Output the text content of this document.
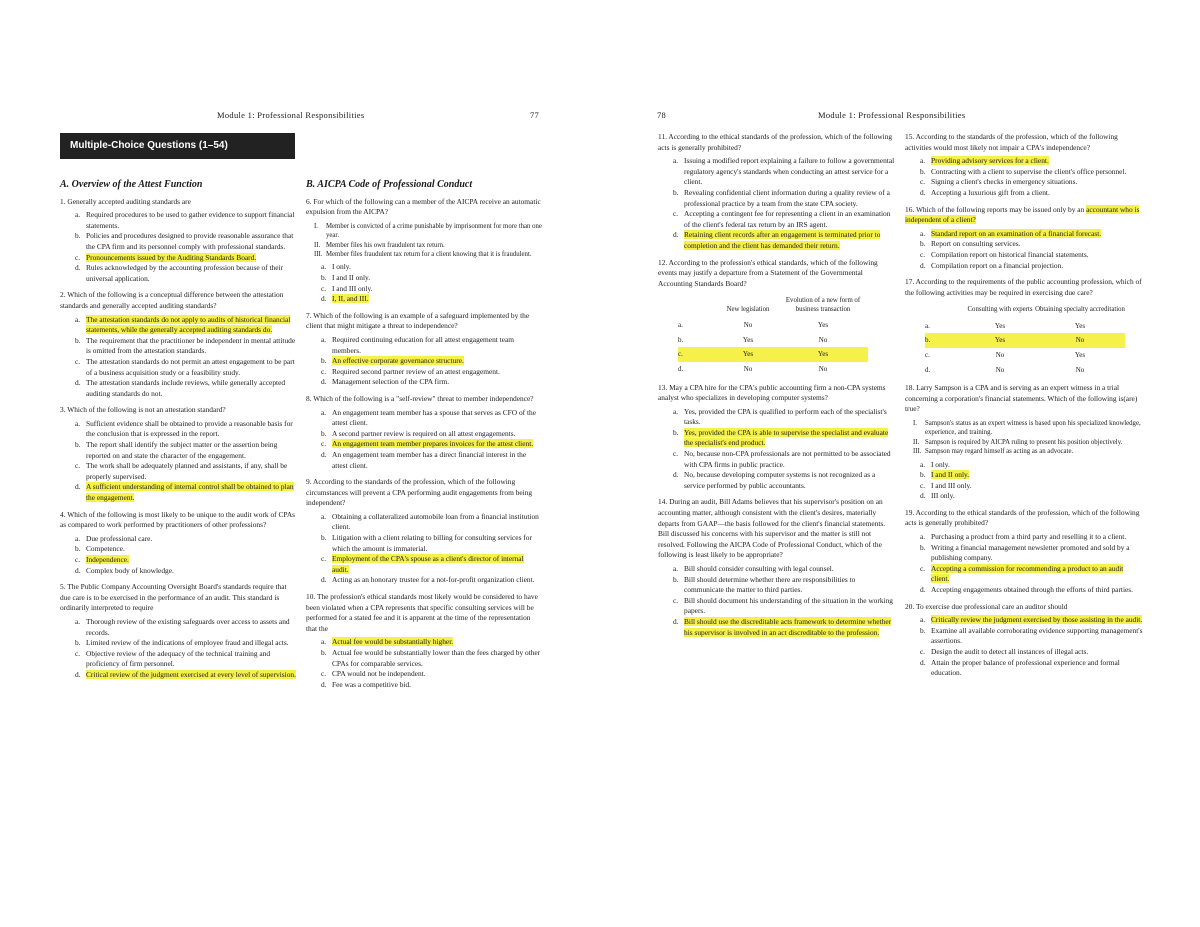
Module 1: Professional Responsibilities	77
Multiple-Choice Questions (1–54)
A. Overview of the Attest Function
1. Generally accepted auditing standards are
a. Required procedures to be used to gather evidence to support financial statements.
b. Policies and procedures designed to provide reasonable assurance that the CPA firm and its personnel comply with professional standards.
c. Pronouncements issued by the Auditing Standards Board.
d. Rules acknowledged by the accounting profession because of their universal application.
2. Which of the following is a conceptual difference between the attestation standards and generally accepted auditing standards?
a. The attestation standards do not apply to audits of historical financial statements, while the generally accepted auditing standards do.
b. The requirement that the practitioner be independent in mental attitude is omitted from the attestation standards.
c. The attestation standards do not permit an attest engagement to be part of a business acquisition study or a feasibility study.
d. The attestation standards include reviews, while generally accepted auditing standards do not.
3. Which of the following is not an attestation standard?
a. Sufficient evidence shall be obtained to provide a reasonable basis for the conclusion that is expressed in the report.
b. The report shall identify the subject matter or the assertion being reported on and state the character of the engagement.
c. The work shall be adequately planned and assistants, if any, shall be properly supervised.
d. A sufficient understanding of internal control shall be obtained to plan the engagement.
4. Which of the following is most likely to be unique to the audit work of CPAs as compared to work performed by practitioners of other professions?
a. Due professional care.
b. Competence.
c. Independence.
d. Complex body of knowledge.
5. The Public Company Accounting Oversight Board's standards require that due care is to be exercised in the performance of an audit. This standard is ordinarily interpreted to require
a. Thorough review of the existing safeguards over access to assets and records.
b. Limited review of the indications of employee fraud and illegal acts.
c. Objective review of the adequacy of the technical training and proficiency of firm personnel.
d. Critical review of the judgment exercised at every level of supervision.
B. AICPA Code of Professional Conduct
6. For which of the following can a member of the AICPA receive an automatic expulsion from the AICPA?
I.	Member is convicted of a crime punishable by imprisonment for more than one year.
II. Member files his own fraudulent tax return.
III. Member files fraudulent tax return for a client knowing that it is fraudulent.
a. I only.
b. I and II only.
c. I and III only.
d. I, II, and III.
7. Which of the following is an example of a safeguard implemented by the client that might mitigate a threat to independence?
a. Required continuing education for all attest engagement team members.
b. An effective corporate governance structure.
c. Required second partner review of an attest engagement.
d. Management selection of the CPA firm.
8. Which of the following is a "self-review" threat to member independence?
a. An engagement team member has a spouse that serves as CFO of the attest client.
b. A second partner review is required on all attest engagements.
c. An engagement team member prepares invoices for the attest client.
d. An engagement team member has a direct financial interest in the attest client.
9. According to the standards of the profession, which of the following circumstances will prevent a CPA performing audit engagements from being independent?
a. Obtaining a collateralized automobile loan from a financial institution client.
b. Litigation with a client relating to billing for consulting services for which the amount is immaterial.
c. Employment of the CPA's spouse as a client's director of internal audit.
d. Acting as an honorary trustee for a not-for-profit organization client.
10. The profession's ethical standards most likely would be considered to have been violated when a CPA represents that specific consulting services will be performed for a stated fee and it is apparent at the time of the representation that the
a. Actual fee would be substantially higher.
b. Actual fee would be substantially lower than the fees charged by other CPAs for comparable services.
c. CPA would not be independent.
d. Fee was a competitive bid.
78	Module 1: Professional Responsibilities
11. According to the ethical standards of the profession, which of the following acts is generally prohibited?
a. Issuing a modified report explaining a failure to follow a governmental regulatory agency's standards when conducting an attest service for a client.
b. Revealing confidential client information during a quality review of a professional practice by a team from the state CPA society.
c. Accepting a contingent fee for representing a client in an examination of the client's federal tax return by an IRS agent.
d. Retaining client records after an engagement is terminated prior to completion and the client has demanded their return.
12. According to the profession's ethical standards, which of the following events may justify a departure from a Statement of the Governmental Accounting Standards Board?
	New legislation	Evolution of a new form of business transaction
a.	No	Yes
b.	Yes	No
c.	Yes	Yes
d.	No	No
13. May a CPA hire for the CPA's public accounting firm a non-CPA systems analyst who specializes in developing computer systems?
a. Yes, provided the CPA is qualified to perform each of the specialist's tasks.
b. Yes, provided the CPA is able to supervise the specialist and evaluate the specialist's end product.
c. No, because non-CPA professionals are not permitted to be associated with CPA firms in public practice.
d. No, because developing computer systems is not recognized as a service performed by public accountants.
14. During an audit, Bill Adams believes that his supervisor's position on an accounting matter, although consistent with the client's desires, materially departs from GAAP—the basis followed for the client's financial statements. Bill discussed his concerns with his supervisor and the matter is still not resolved. Following the AICPA Code of Professional Conduct, which of the following is least likely to be appropriate?
a. Bill should consider consulting with legal counsel.
b. Bill should determine whether there are responsibilities to communicate the matter to third parties.
c. Bill should document his understanding of the situation in the working papers.
d. Bill should use the discreditable acts framework to determine whether his supervisor is involved in an act discreditable to the profession.
15. According to the standards of the profession, which of the following activities would most likely not impair a CPA's independence?
a. Providing advisory services for a client.
b. Contracting with a client to supervise the client's office personnel.
c. Signing a client's checks in emergency situations.
d. Accepting a luxurious gift from a client.
16. Which of the following reports may be issued only by an accountant who is independent of a client?
a. Standard report on an examination of a financial forecast.
b. Report on consulting services.
c. Compilation report on historical financial statements.
d. Compilation report on a financial projection.
17. According to the requirements of the public accounting profession, which of the following activities may be required in exercising due care?
	Consulting with experts	Obtaining specialty accreditation
a.	Yes	Yes
b.	Yes	No
c.	No	Yes
d.	No	No
18. Larry Sampson is a CPA and is serving as an expert witness in a trial concerning a corporation's financial statements. Which of the following is(are) true?
I.	Sampson's status as an expert witness is based upon his specialized knowledge, experience, and training.
II. Sampson is required by AICPA ruling to present his position objectively.
III. Sampson may regard himself as acting as an advocate.
a. I only.
b. I and II only.
c. I and III only.
d. III only.
19. According to the ethical standards of the profession, which of the following acts is generally prohibited?
a. Purchasing a product from a third party and reselling it to a client.
b. Writing a financial management newsletter promoted and sold by a publishing company.
c. Accepting a commission for recommending a product to an audit client.
d. Accepting engagements obtained through the efforts of third parties.
20. To exercise due professional care an auditor should
a. Critically review the judgment exercised by those assisting in the audit.
b. Examine all available corroborating evidence supporting management's assertions.
c. Design the audit to detect all instances of illegal acts.
d. Attain the proper balance of professional experience and formal education.
